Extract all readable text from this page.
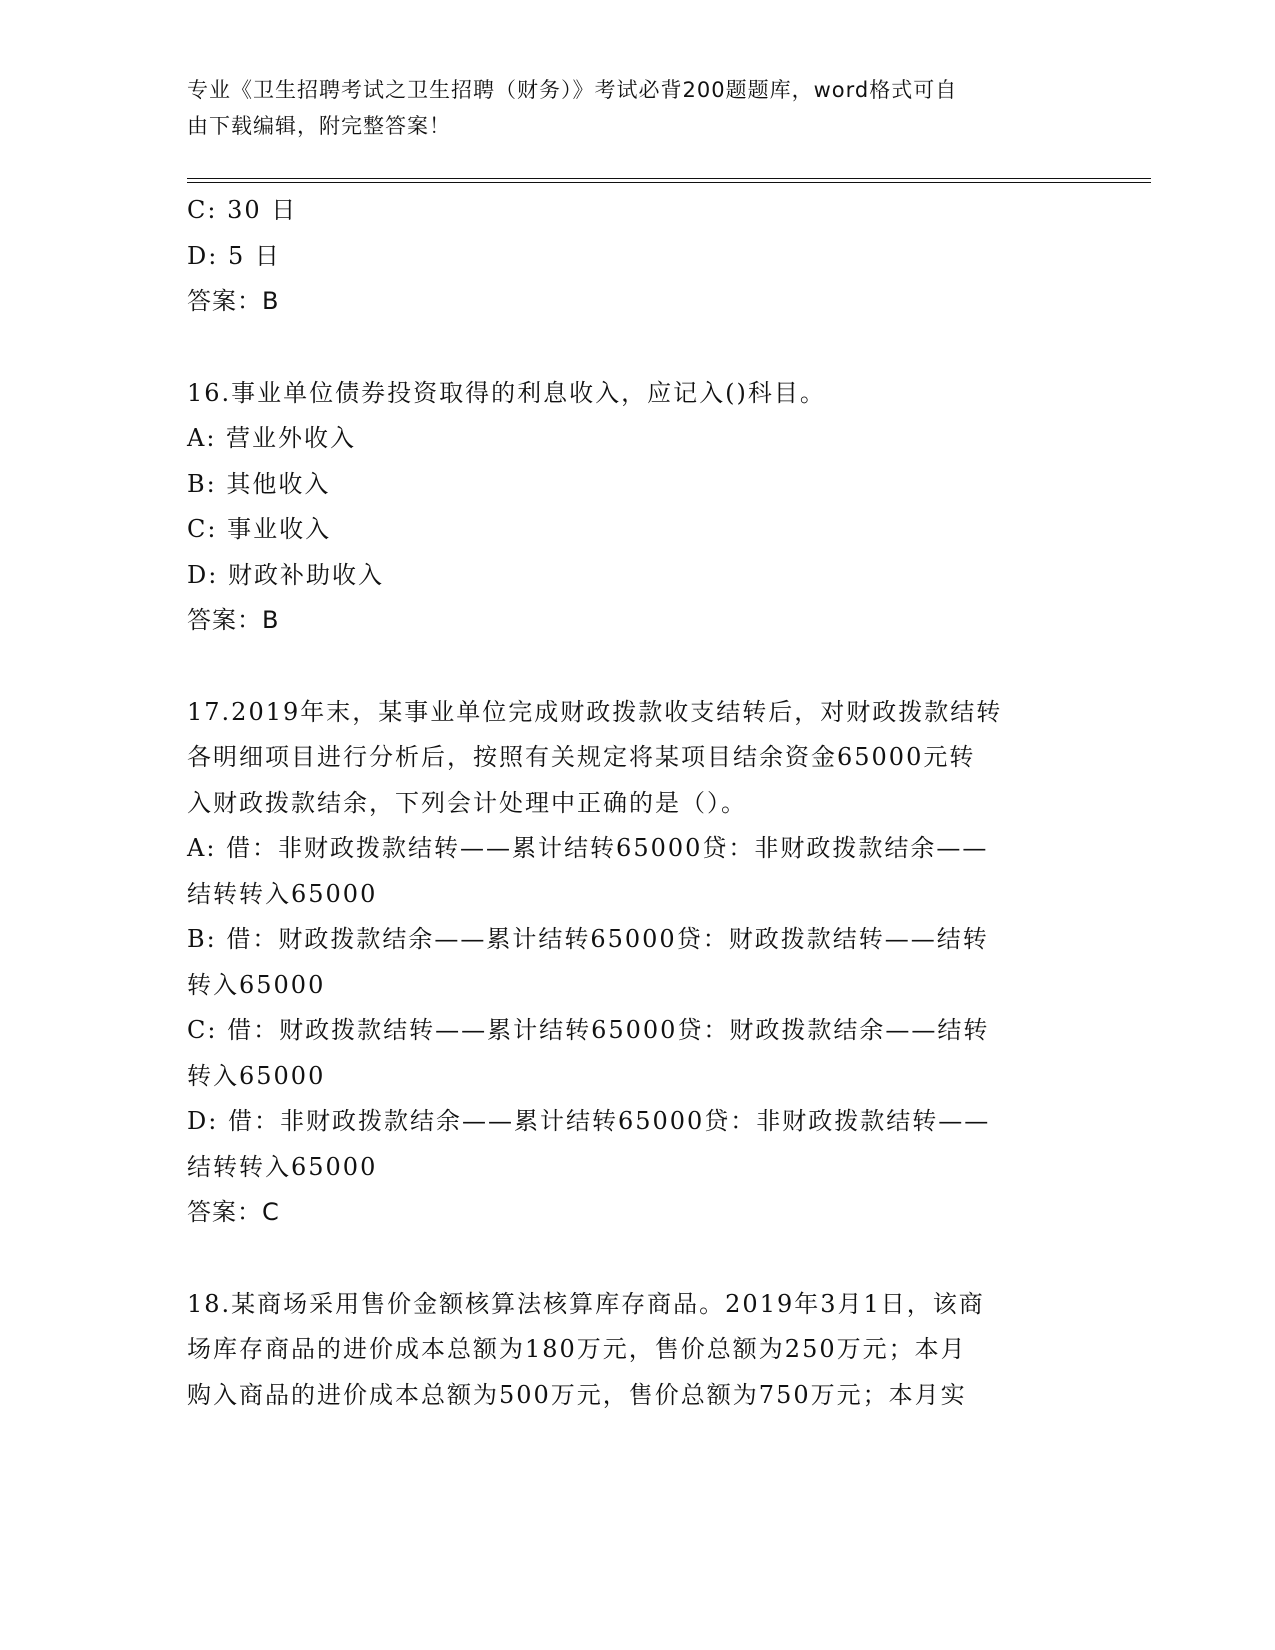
专业《卫生招聘考试之卫生招聘（财务）》考试必背200题题库，word格式可自
由下载编辑，附完整答案！
C: 30 日
D: 5 日
答案：B
16.事业单位债券投资取得的利息收入，应记入()科目。
A: 营业外收入
B: 其他收入
C: 事业收入
D: 财政补助收入
答案：B
17.2019年末，某事业单位完成财政拨款收支结转后，对财政拨款结转
各明细项目进行分析后，按照有关规定将某项目结余资金65000元转
入财政拨款结余，下列会计处理中正确的是（）。
A: 借：非财政拨款结转——累计结转65000贷：非财政拨款结余——
结转转入65000
B: 借：财政拨款结余——累计结转65000贷：财政拨款结转——结转
转入65000
C: 借：财政拨款结转——累计结转65000贷：财政拨款结余——结转
转入65000
D: 借：非财政拨款结余——累计结转65000贷：非财政拨款结转——
结转转入65000
答案：C
18.某商场采用售价金额核算法核算库存商品。2019年3月1日，该商
场库存商品的进价成本总额为180万元，售价总额为250万元；本月
购入商品的进价成本总额为500万元，售价总额为750万元；本月实
